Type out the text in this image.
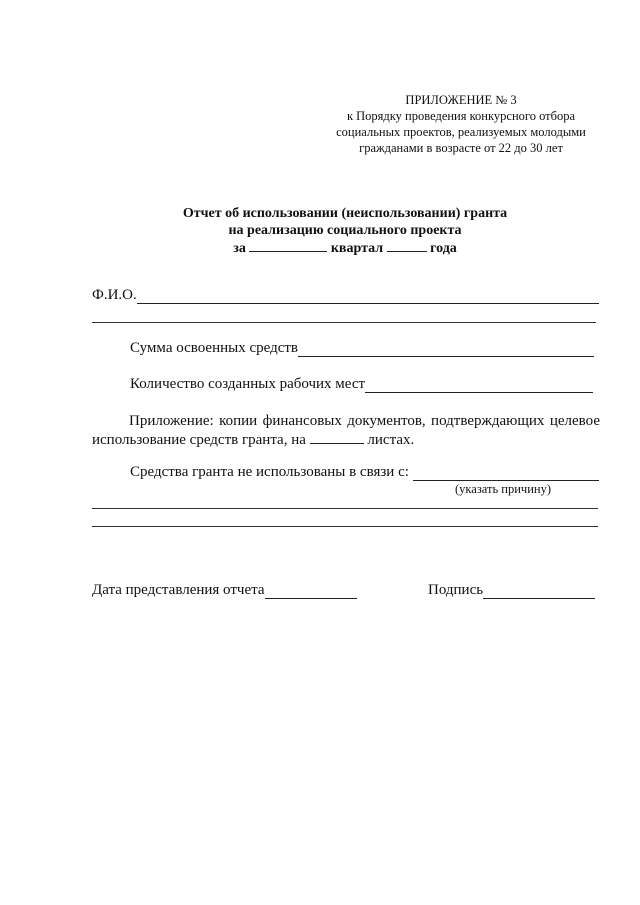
ПРИЛОЖЕНИЕ № 3
к Порядку проведения конкурсного отбора
социальных проектов, реализуемых молодыми
гражданами в возрасте от 22 до 30 лет
Отчет об использовании (неиспользовании) гранта
на реализацию социального проекта
за	квартал	года
Ф.И.О.
Сумма освоенных средств
Количество созданных рабочих мест
Приложение: копии финансовых документов, подтверждающих целевое использование средств гранта, на	листах.
Средства гранта не использованы в связи с:
(указать причину)
Дата представления отчета	Подпись
